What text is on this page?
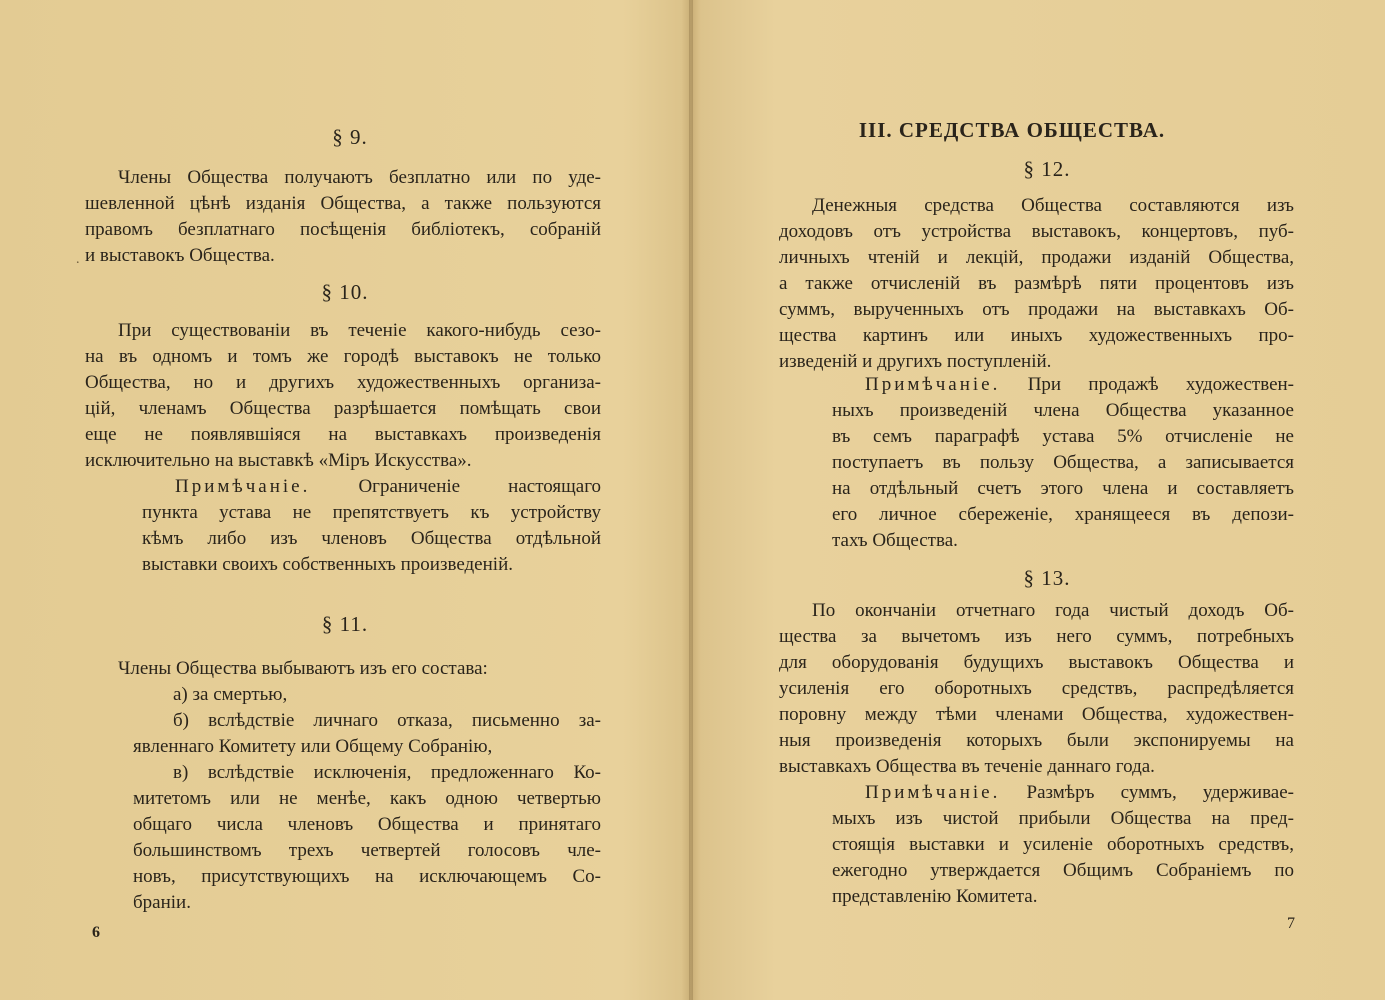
§ 9.
Члены Общества получаютъ безплатно или по уде-
шевленной цѣнѣ изданія Общества, а также пользуются
правомъ безплатнаго посѣщенія библіотекъ, собраній
и выставокъ Общества.
§ 10.
При существованіи въ теченіе какого-нибудь сезо-
на въ одномъ и томъ же городѣ выставокъ не только
Общества, но и другихъ художественныхъ организа-
цій, членамъ Общества разрѣшается помѣщать свои
еще не появлявшіяся на выставкахъ произведенія
исключительно на выставкѣ «Міръ Искусства».
Примѣчаніе.	Ограниченіе настоящаго
пункта устава не препятствуетъ къ устройству
кѣмъ либо изъ членовъ Общества отдѣльной
выставки своихъ собственныхъ произведеній.
§ 11.
Члены Общества выбываютъ изъ его состава:
а) за смертью,
б) вслѣдствіе личнаго отказа, письменно за-
явленнаго Комитету или Общему Собранію,
в) вслѣдствіе исключенія, предложеннаго Ко-
митетомъ или не менѣе, какъ одною четвертью
общаго числа членовъ Общества и принятаго
большинствомъ трехъ четвертей голосовъ чле-
новъ, присутствующихъ на исключающемъ Со-
браніи.
6
.
III. СРЕДСТВА ОБЩЕСТВА.
§ 12.
Денежныя средства Общества составляются изъ
доходовъ отъ устройства выставокъ, концертовъ, пуб-
личныхъ чтеній и лекцій, продажи изданій Общества,
а также отчисленій въ размѣрѣ пяти процентовъ изъ
суммъ, вырученныхъ отъ продажи на выставкахъ Об-
щества картинъ или иныхъ художественныхъ про-
изведеній и другихъ поступленій.
Примѣчаніе. При продажѣ художествен-
ныхъ произведеній члена Общества указанное
въ семъ параграфѣ устава 5% отчисленіе не
поступаетъ въ пользу Общества, а записывается
на отдѣльный счетъ этого члена и составляетъ
его личное сбереженіе, хранящееся въ депози-
тахъ Общества.
§ 13.
По окончаніи отчетнаго года чистый доходъ Об-
щества за вычетомъ изъ него суммъ, потребныхъ
для оборудованія будущихъ выставокъ Общества и
усиленія его оборотныхъ средствъ, распредѣляется
поровну между тѣми членами Общества, художествен-
ныя произведенія которыхъ были экспонируемы на
выставкахъ Общества въ теченіе даннаго года.
Примѣчаніе. Размѣръ суммъ, удерживае-
мыхъ изъ чистой прибыли Общества на пред-
стоящія выставки и усиленіе оборотныхъ средствъ,
ежегодно утверждается Общимъ Собраніемъ по
представленію Комитета.
7
